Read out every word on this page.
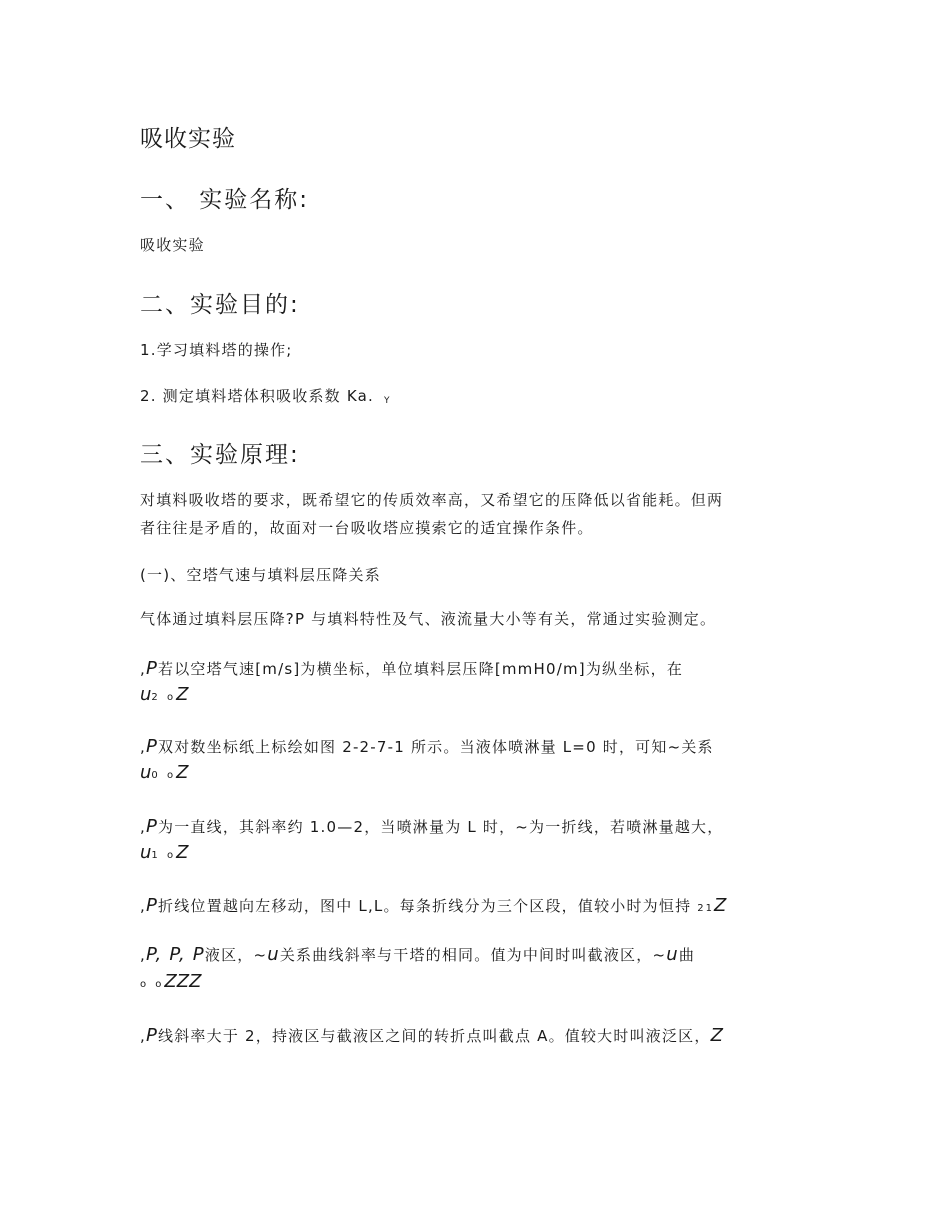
吸收实验
一、 实验名称:
吸收实验
二、实验目的:
1.学习填料塔的操作;
2. 测定填料塔体积吸收系数 Ka. Y
三、实验原理:
对填料吸收塔的要求，既希望它的传质效率高，又希望它的压降低以省能耗。但两
者往往是矛盾的，故面对一台吸收塔应摸索它的适宜操作条件。
(一)、空塔气速与填料层压降关系
气体通过填料层压降?P 与填料特性及气、液流量大小等有关，常通过实验测定。
,P若以空塔气速[m/s]为横坐标，单位填料层压降[mmH0/m]为纵坐标，在
u2 oZ
,P双对数坐标纸上标绘如图 2-2-7-1 所示。当液体喷淋量 L=0 时，可知~关系
u0 oZ
,P为一直线，其斜率约 1.0—2，当喷淋量为 L 时，~为一折线，若喷淋量越大，
u1 oZ
,P折线位置越向左移动，图中 L,L。每条折线分为三个区段，值较小时为恒持 21Z
,P, P, P液区，~u关系曲线斜率与干塔的相同。值为中间时叫截液区，~u曲
o oZZZ
,P线斜率大于 2，持液区与截液区之间的转折点叫截点 A。值较大时叫液泛区，Z
